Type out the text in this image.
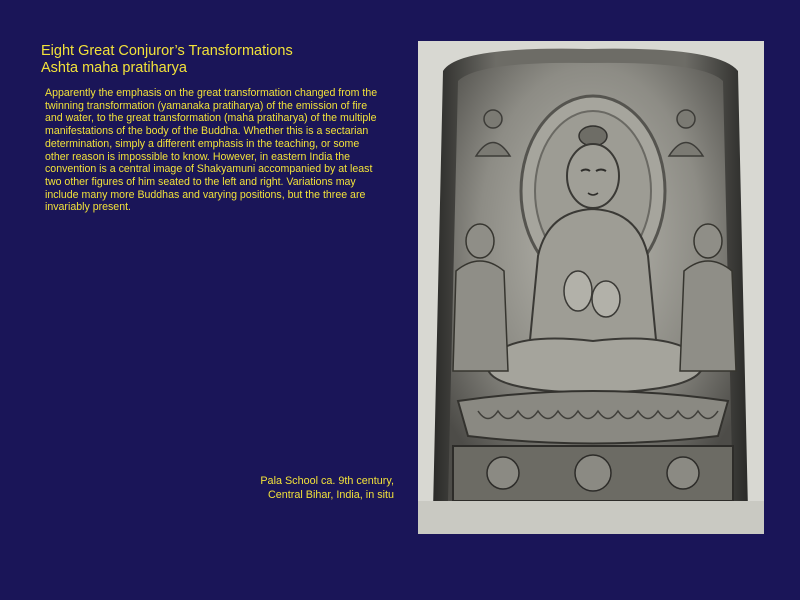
Eight Great Conjuror’s Transformations
Ashta maha pratiharya

Apparently the emphasis on the great transformation changed from the twinning transformation (yamanaka pratiharya) of the emission of fire and water, to the great transformation (maha pratiharya) of the multiple manifestations of the body of the Buddha. Whether this is a sectarian determination, simply a different emphasis in the teaching, or some other reason is impossible to know. However, in eastern India the convention is a central image of Shakyamuni accompanied by at least two other figures of him seated to the left and right. Variations may include many more Buddhas and varying positions, but the three are invariably present.

Pala School ca. 9th century,
Central Bihar, India, in situ
